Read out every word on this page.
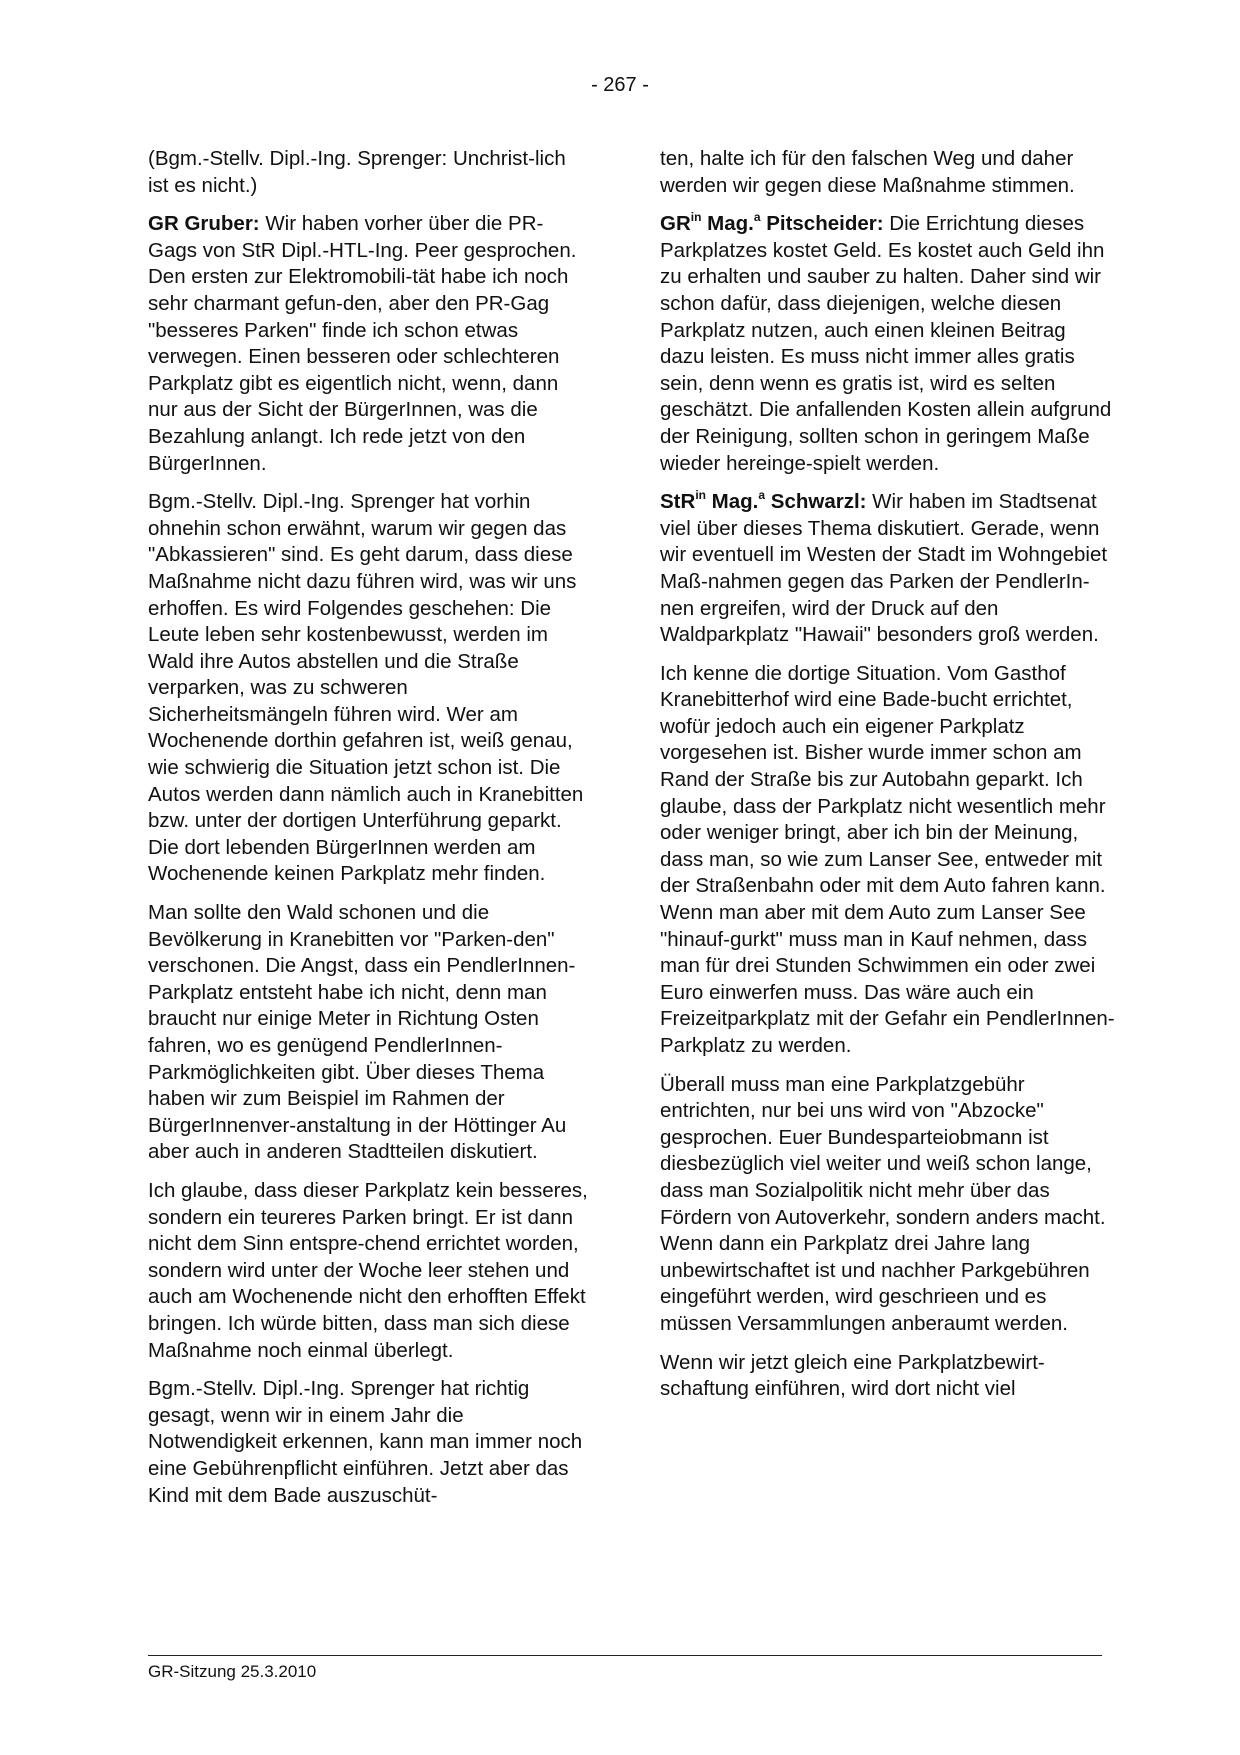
- 267 -

(Bgm.-Stellv. Dipl.-Ing. Sprenger: Unchrist-lich ist es nicht.)

GR Gruber: Wir haben vorher über die PR-Gags von StR Dipl.-HTL-Ing. Peer gesprochen. Den ersten zur Elektromobili-tät habe ich noch sehr charmant gefun-den, aber den PR-Gag "besseres Parken" finde ich schon etwas verwegen. Einen besseren oder schlechteren Parkplatz gibt es eigentlich nicht, wenn, dann nur aus der Sicht der BürgerInnen, was die Bezahlung anlangt. Ich rede jetzt von den BürgerInnen.

Bgm.-Stellv. Dipl.-Ing. Sprenger hat vorhin ohnehin schon erwähnt, warum wir gegen das "Abkassieren" sind. Es geht darum, dass diese Maßnahme nicht dazu führen wird, was wir uns erhoffen. Es wird Folgendes geschehen: Die Leute leben sehr kostenbewusst, werden im Wald ihre Autos abstellen und die Straße verparken, was zu schweren Sicherheitsmängeln führen wird. Wer am Wochenende dorthin gefahren ist, weiß genau, wie schwierig die Situation jetzt schon ist. Die Autos werden dann nämlich auch in Kranebitten bzw. unter der dortigen Unterführung geparkt. Die dort lebenden BürgerInnen werden am Wochenende keinen Parkplatz mehr finden.

Man sollte den Wald schonen und die Bevölkerung in Kranebitten vor "Parken-den" verschonen. Die Angst, dass ein PendlerInnen-Parkplatz entsteht habe ich nicht, denn man braucht nur einige Meter in Richtung Osten fahren, wo es genügend PendlerInnen-Parkmöglichkeiten gibt. Über dieses Thema haben wir zum Beispiel im Rahmen der BürgerInnenver-anstaltung in der Höttinger Au aber auch in anderen Stadtteilen diskutiert.

Ich glaube, dass dieser Parkplatz kein besseres, sondern ein teureres Parken bringt. Er ist dann nicht dem Sinn entspre-chend errichtet worden, sondern wird unter der Woche leer stehen und auch am Wochenende nicht den erhofften Effekt bringen. Ich würde bitten, dass man sich diese Maßnahme noch einmal überlegt.

Bgm.-Stellv. Dipl.-Ing. Sprenger hat richtig gesagt, wenn wir in einem Jahr die Notwendigkeit erkennen, kann man immer noch eine Gebührenpflicht einführen. Jetzt aber das Kind mit dem Bade auszuschüt-

ten, halte ich für den falschen Weg und daher werden wir gegen diese Maßnahme stimmen.

$GR^{in}$ Mag.$^a$ Pitscheider: Die Errichtung dieses Parkplatzes kostet Geld. Es kostet auch Geld ihn zu erhalten und sauber zu halten. Daher sind wir schon dafür, dass diejenigen, welche diesen Parkplatz nutzen, auch einen kleinen Beitrag dazu leisten. Es muss nicht immer alles gratis sein, denn wenn es gratis ist, wird es selten geschätzt. Die anfallenden Kosten allein aufgrund der Reinigung, sollten schon in geringem Maße wieder hereinge-spielt werden.

StR$^{in}$ Mag.$^a$ Schwarzl: Wir haben im Stadtsenat viel über dieses Thema diskutiert. Gerade, wenn wir eventuell im Westen der Stadt im Wohngebiet Maß-nahmen gegen das Parken der PendlerIn-nen ergreifen, wird der Druck auf den Waldparkplatz "Hawaii" besonders groß werden.

Ich kenne die dortige Situation. Vom Gasthof Kranebitterhof wird eine Bade-bucht errichtet, wofür jedoch auch ein eigener Parkplatz vorgesehen ist. Bisher wurde immer schon am Rand der Straße bis zur Autobahn geparkt. Ich glaube, dass der Parkplatz nicht wesentlich mehr oder weniger bringt, aber ich bin der Meinung, dass man, so wie zum Lanser See, entweder mit der Straßenbahn oder mit dem Auto fahren kann. Wenn man aber mit dem Auto zum Lanser See "hinauf-gurkt" muss man in Kauf nehmen, dass man für drei Stunden Schwimmen ein oder zwei Euro einwerfen muss. Das wäre auch ein Freizeitparkplatz mit der Gefahr ein PendlerInnen-Parkplatz zu werden.

Überall muss man eine Parkplatzgebühr entrichten, nur bei uns wird von "Abzocke" gesprochen. Euer Bundesparteiobmann ist diesbezüglich viel weiter und weiß schon lange, dass man Sozialpolitik nicht mehr über das Fördern von Autoverkehr, sondern anders macht. Wenn dann ein Parkplatz drei Jahre lang unbewirtschaftet ist und nachher Parkgebühren eingeführt werden, wird geschrieen und es müssen Versammlungen anberaumt werden.

Wenn wir jetzt gleich eine Parkplatzbewirt-schaftung einführen, wird dort nicht viel

GR-Sitzung 25.3.2010
